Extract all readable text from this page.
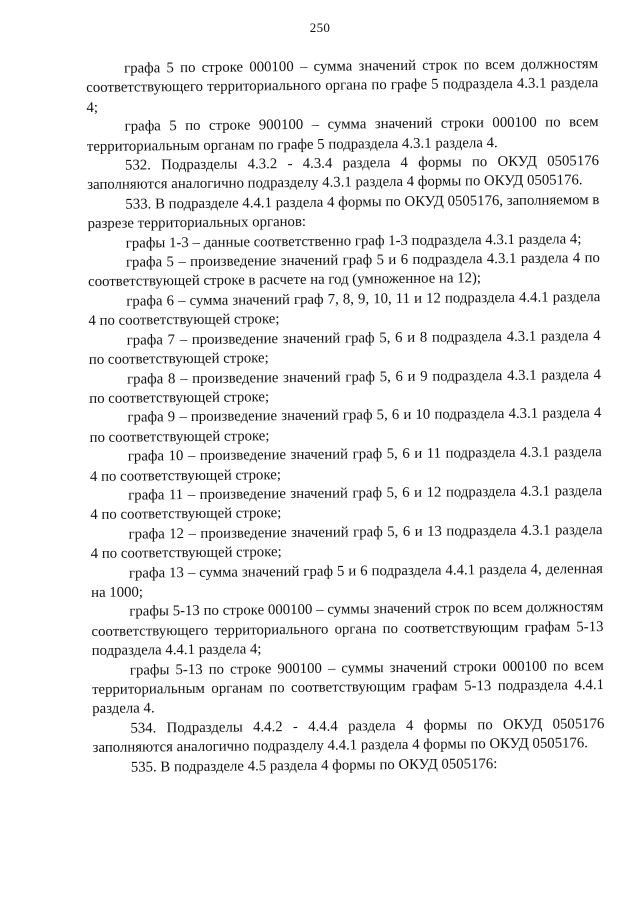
250

графа 5 по строке 000100 – сумма значений строк по всем должностям соответствующего территориального органа по графе 5 подраздела 4.3.1 раздела 4;

графа 5 по строке 900100 – сумма значений строки 000100 по всем территориальным органам по графе 5 подраздела 4.3.1 раздела 4.

532. Подразделы 4.3.2 - 4.3.4 раздела 4 формы по ОКУД 0505176 заполняются аналогично подразделу 4.3.1 раздела 4 формы по ОКУД 0505176.

533. В подразделе 4.4.1 раздела 4 формы по ОКУД 0505176, заполняемом в разрезе территориальных органов:

графы 1-3 – данные соответственно граф 1-3 подраздела 4.3.1 раздела 4;

графа 5 – произведение значений граф 5 и 6 подраздела 4.3.1 раздела 4 по соответствующей строке в расчете на год (умноженное на 12);

графа 6 – сумма значений граф 7, 8, 9, 10, 11 и 12 подраздела 4.4.1 раздела 4 по соответствующей строке;

графа 7 – произведение значений граф 5, 6 и 8 подраздела 4.3.1 раздела 4 по соответствующей строке;

графа 8 – произведение значений граф 5, 6 и 9 подраздела 4.3.1 раздела 4 по соответствующей строке;

графа 9 – произведение значений граф 5, 6 и 10 подраздела 4.3.1 раздела 4 по соответствующей строке;

графа 10 – произведение значений граф 5, 6 и 11 подраздела 4.3.1 раздела 4 по соответствующей строке;

графа 11 – произведение значений граф 5, 6 и 12 подраздела 4.3.1 раздела 4 по соответствующей строке;

графа 12 – произведение значений граф 5, 6 и 13 подраздела 4.3.1 раздела 4 по соответствующей строке;

графа 13 – сумма значений граф 5 и 6 подраздела 4.4.1 раздела 4, деленная на 1000;

графы 5-13 по строке 000100 – суммы значений строк по всем должностям соответствующего территориального органа по соответствующим графам 5-13 подраздела 4.4.1 раздела 4;

графы 5-13 по строке 900100 – суммы значений строки 000100 по всем территориальным органам по соответствующим графам 5-13 подраздела 4.4.1 раздела 4.

534. Подразделы 4.4.2 - 4.4.4 раздела 4 формы по ОКУД 0505176 заполняются аналогично подразделу 4.4.1 раздела 4 формы по ОКУД 0505176.

535. В подразделе 4.5 раздела 4 формы по ОКУД 0505176:
